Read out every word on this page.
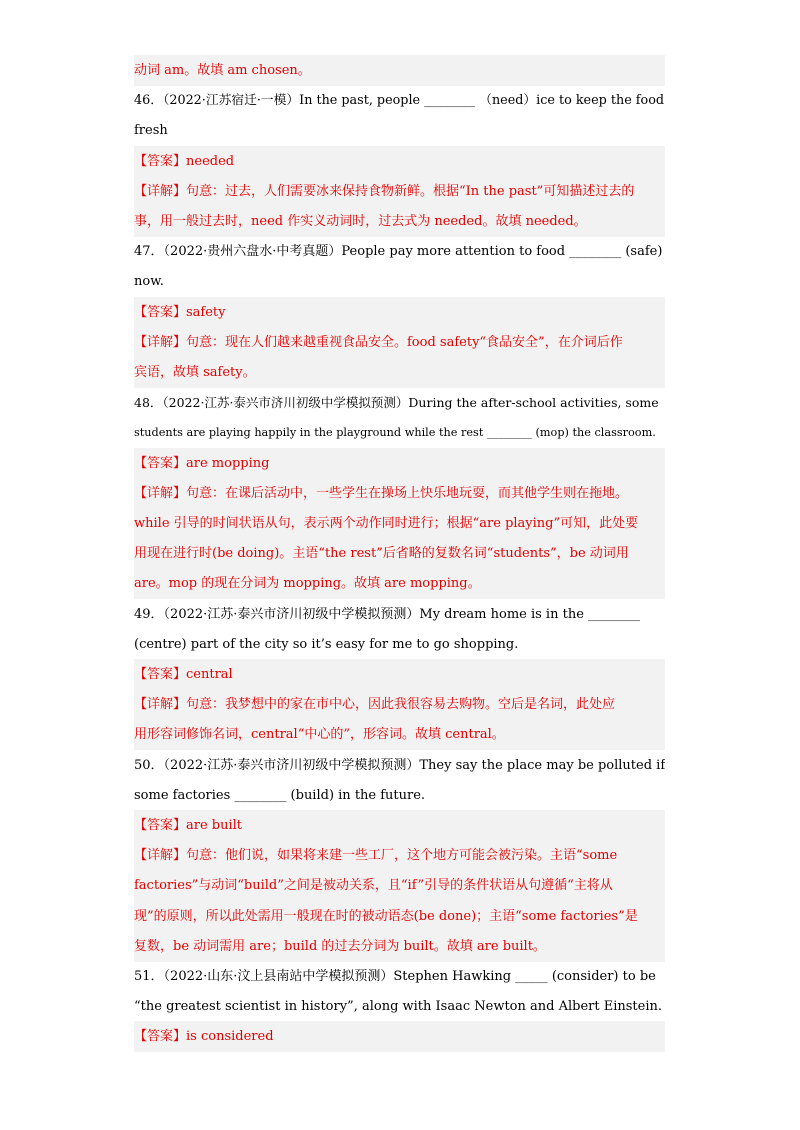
动词 am。故填 am chosen。
46．（2022·江苏宿迁·一模）In the past, people ________ （need）ice to keep the food
fresh
【答案】needed
【详解】句意：过去，人们需要冰来保持食物新鲜。根据“In the past”可知描述过去的
事，用一般过去时，need 作实义动词时，过去式为 needed。故填 needed。
47．（2022·贵州六盘水·中考真题）People pay more attention to food ________ (safe)
now.
【答案】safety
【详解】句意：现在人们越来越重视食品安全。food safety“食品安全”，在介词后作
宾语，故填 safety。
48．（2022·江苏·泰兴市济川初级中学模拟预测）During the after-school activities, some
students are playing happily in the playground while the rest ________ (mop) the classroom.
【答案】are mopping
【详解】句意：在课后活动中，一些学生在操场上快乐地玩耍，而其他学生则在拖地。
while 引导的时间状语从句，表示两个动作同时进行；根据“are playing”可知，此处要
用现在进行时(be doing)。主语“the rest”后省略的复数名词“students”，be 动词用
are。mop 的现在分词为 mopping。故填 are mopping。
49．（2022·江苏·泰兴市济川初级中学模拟预测）My dream home is in the ________
(centre) part of the city so it’s easy for me to go shopping.
【答案】central
【详解】句意：我梦想中的家在市中心，因此我很容易去购物。空后是名词，此处应
用形容词修饰名词，central“中心的”，形容词。故填 central。
50．（2022·江苏·泰兴市济川初级中学模拟预测）They say the place may be polluted if
some factories ________ (build) in the future.
【答案】are built
【详解】句意：他们说，如果将来建一些工厂，这个地方可能会被污染。主语“some
factories”与动词“build”之间是被动关系，且“if”引导的条件状语从句遵循“主将从
现”的原则，所以此处需用一般现在时的被动语态(be done)；主语“some factories”是
复数，be 动词需用 are；build 的过去分词为 built。故填 are built。
51．（2022·山东·汶上县南站中学模拟预测）Stephen Hawking _____ (consider) to be
“the greatest scientist in history”, along with Isaac Newton and Albert Einstein.
【答案】is considered
